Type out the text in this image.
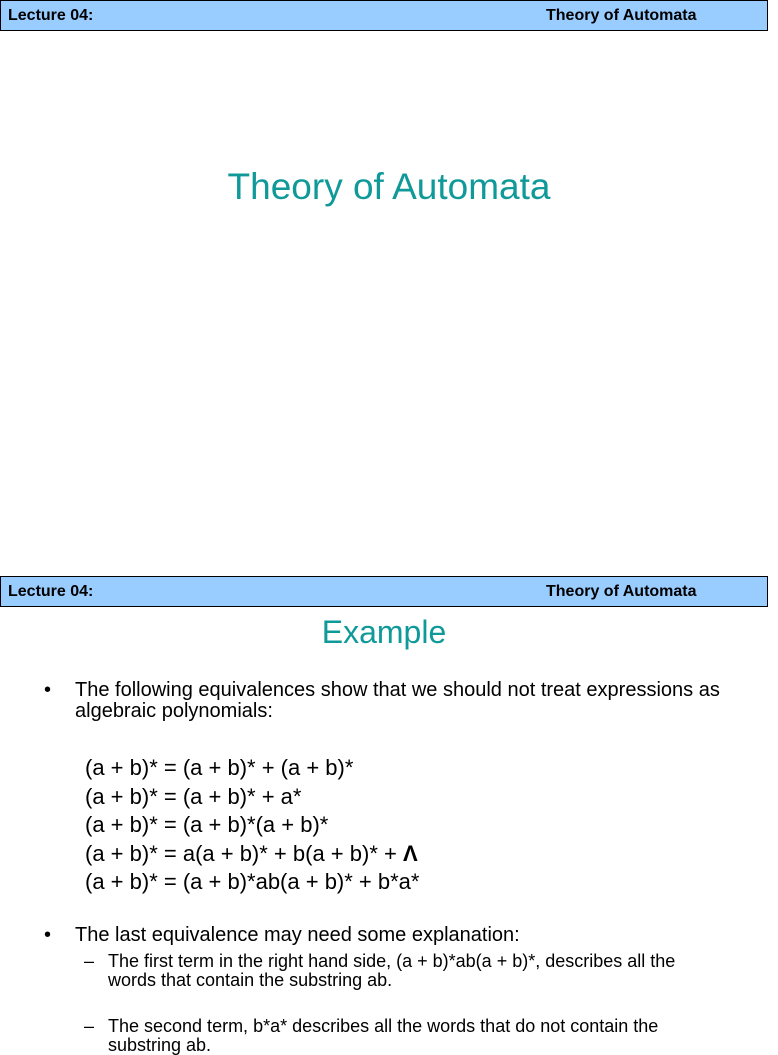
Lecture 04:	Theory of Automata
Theory of Automata
Lecture 04:	Theory of Automata
Example
• The following equivalences show that we should not treat expressions as algebraic polynomials:
(a + b)* = (a + b)* + (a + b)*
(a + b)* = (a + b)* + a*
(a + b)* = (a + b)*(a + b)*
(a + b)* = a(a + b)* + b(a + b)* + Λ
(a + b)* = (a + b)*ab(a + b)* + b*a*
• The last equivalence may need some explanation:
– The first term in the right hand side, (a + b)*ab(a + b)*, describes all the words that contain the substring ab.
– The second term, b*a* describes all the words that do not contain the substring ab.
